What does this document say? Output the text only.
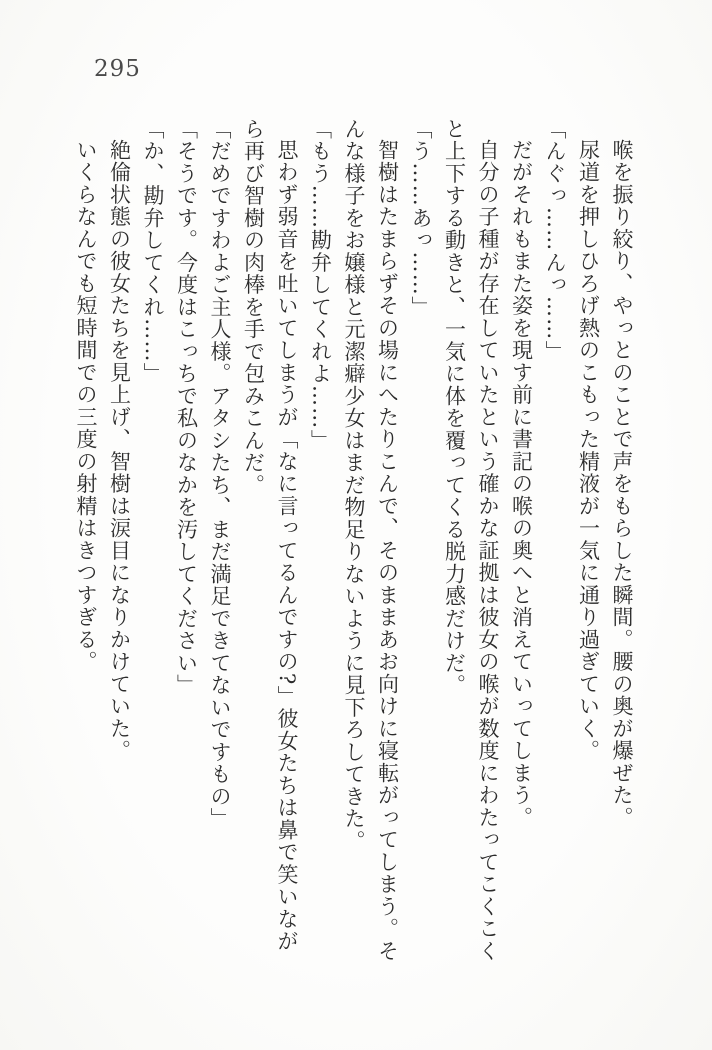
295

喉を振り絞り、やっとのことで声をもらした瞬間。腰の奥が爆ぜた。

尿道を押しひろげ熱のこもった精液が一気に通り過ぎていく。

「んぐっ……んっ……」

だがそれもまた姿を現す前に書記の喉の奥へと消えていってしまう。

自分の子種が存在していたという確かな証拠は彼女の喉が数度にわたってこくこくと上下する動きと、一気に体を覆ってくる脱力感だけだ。

「う……あっ……」

智樹はたまらずその場にへたりこんで、そのままあお向けに寝転がってしまう。そんな様子をお嬢様と元潔癖少女はまだ物足りないように見下ろしてきた。

「もう……勘弁してくれよ……」

思わず弱音を吐いてしまうが「なに言ってるんですの?」彼女たちは鼻で笑いながら再び智樹の肉棒を手で包みこんだ。

「だめですわよご主人様。アタシたち、まだ満足できてないですもの」

「そうです。今度はこっちで私のなかを汚してください」

「か、勘弁してくれ……」

絶倫状態の彼女たちを見上げ、智樹は涙目になりかけていた。

いくらなんでも短時間での三度の射精はきつすぎる。
